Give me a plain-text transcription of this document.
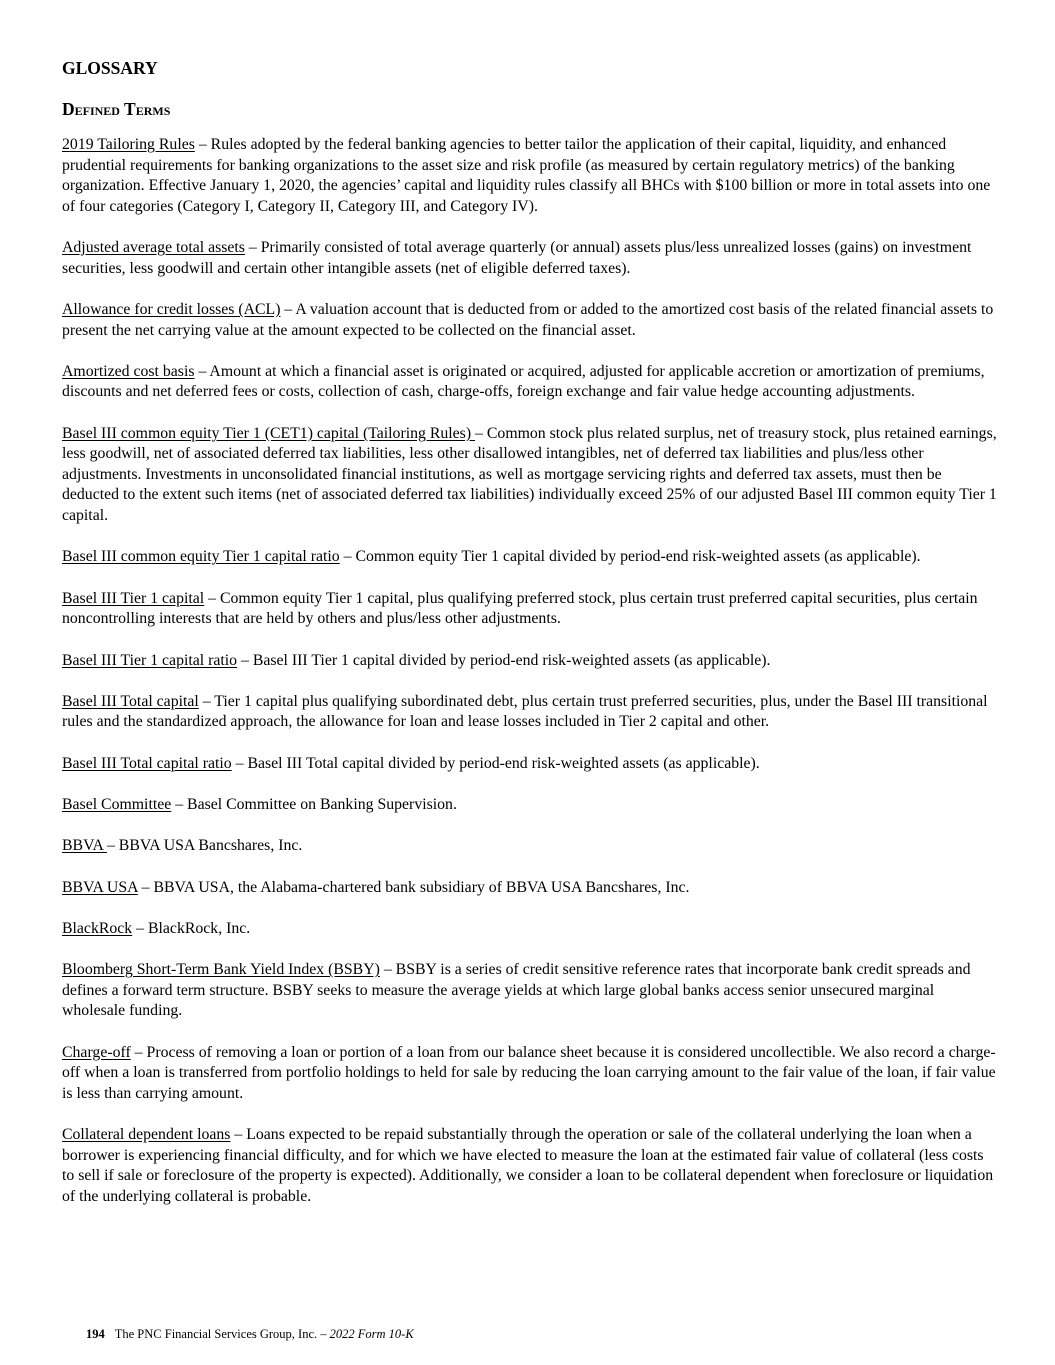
GLOSSARY
Defined Terms

2019 Tailoring Rules – Rules adopted by the federal banking agencies to better tailor the application of their capital, liquidity, and enhanced prudential requirements for banking organizations to the asset size and risk profile (as measured by certain regulatory metrics) of the banking organization. Effective January 1, 2020, the agencies’ capital and liquidity rules classify all BHCs with $100 billion or more in total assets into one of four categories (Category I, Category II, Category III, and Category IV).

Adjusted average total assets – Primarily consisted of total average quarterly (or annual) assets plus/less unrealized losses (gains) on investment securities, less goodwill and certain other intangible assets (net of eligible deferred taxes).

Allowance for credit losses (ACL) – A valuation account that is deducted from or added to the amortized cost basis of the related financial assets to present the net carrying value at the amount expected to be collected on the financial asset.

Amortized cost basis – Amount at which a financial asset is originated or acquired, adjusted for applicable accretion or amortization of premiums, discounts and net deferred fees or costs, collection of cash, charge-offs, foreign exchange and fair value hedge accounting adjustments.

Basel III common equity Tier 1 (CET1) capital (Tailoring Rules) – Common stock plus related surplus, net of treasury stock, plus retained earnings, less goodwill, net of associated deferred tax liabilities, less other disallowed intangibles, net of deferred tax liabilities and plus/less other adjustments. Investments in unconsolidated financial institutions, as well as mortgage servicing rights and deferred tax assets, must then be deducted to the extent such items (net of associated deferred tax liabilities) individually exceed 25% of our adjusted Basel III common equity Tier 1 capital.

Basel III common equity Tier 1 capital ratio – Common equity Tier 1 capital divided by period-end risk-weighted assets (as applicable).

Basel III Tier 1 capital – Common equity Tier 1 capital, plus qualifying preferred stock, plus certain trust preferred capital securities, plus certain noncontrolling interests that are held by others and plus/less other adjustments.

Basel III Tier 1 capital ratio – Basel III Tier 1 capital divided by period-end risk-weighted assets (as applicable).

Basel III Total capital – Tier 1 capital plus qualifying subordinated debt, plus certain trust preferred securities, plus, under the Basel III transitional rules and the standardized approach, the allowance for loan and lease losses included in Tier 2 capital and other.

Basel III Total capital ratio – Basel III Total capital divided by period-end risk-weighted assets (as applicable).

Basel Committee – Basel Committee on Banking Supervision.

BBVA – BBVA USA Bancshares, Inc.

BBVA USA – BBVA USA, the Alabama-chartered bank subsidiary of BBVA USA Bancshares, Inc.

BlackRock – BlackRock, Inc.

Bloomberg Short-Term Bank Yield Index (BSBY) – BSBY is a series of credit sensitive reference rates that incorporate bank credit spreads and defines a forward term structure. BSBY seeks to measure the average yields at which large global banks access senior unsecured marginal wholesale funding.

Charge-off – Process of removing a loan or portion of a loan from our balance sheet because it is considered uncollectible. We also record a charge-off when a loan is transferred from portfolio holdings to held for sale by reducing the loan carrying amount to the fair value of the loan, if fair value is less than carrying amount.

Collateral dependent loans – Loans expected to be repaid substantially through the operation or sale of the collateral underlying the loan when a borrower is experiencing financial difficulty, and for which we have elected to measure the loan at the estimated fair value of collateral (less costs to sell if sale or foreclosure of the property is expected). Additionally, we consider a loan to be collateral dependent when foreclosure or liquidation of the underlying collateral is probable.

194 The PNC Financial Services Group, Inc. – 2022 Form 10-K
